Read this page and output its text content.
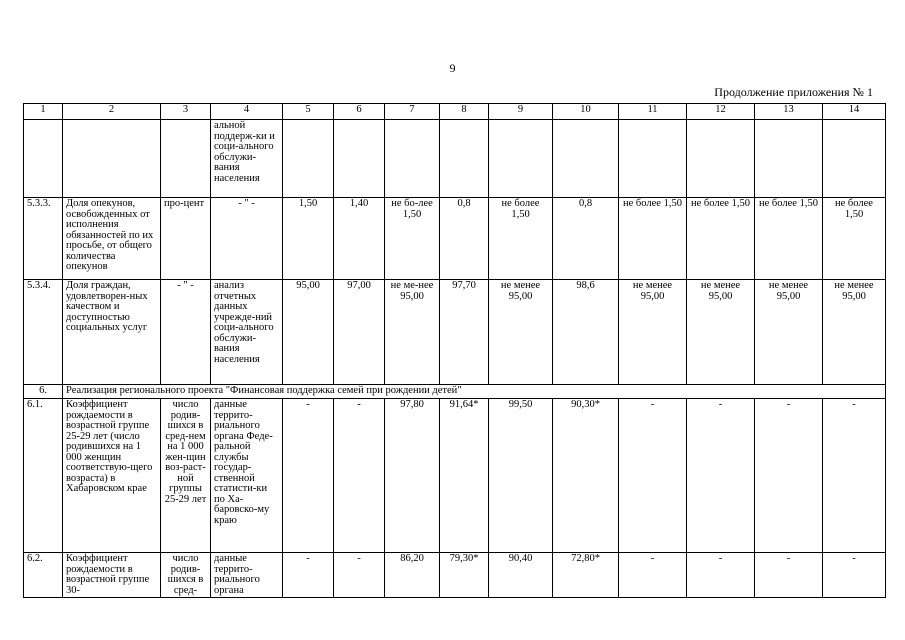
9
Продолжение приложения № 1
1	2	3	4	5	6	7	8	9	10	11	12	13	14
			альной поддерж-ки и соци-ального обслужи-вания населения										
5.3.3.	Доля опекунов, освобожденных от исполнения обязанностей по их просьбе, от общего количества опекунов	про-цент	- " -	1,50	1,40	не бо-лее 1,50	0,8	не более 1,50	0,8	не более 1,50	не более 1,50	не более 1,50	не более 1,50
5.3.4.	Доля граждан, удовлетворен-ных качеством и доступностью социальных услуг	- " -	анализ отчетных данных учрежде-ний соци-ального обслужи-вания населения	95,00	97,00	не ме-нее 95,00	97,70	не менее 95,00	98,6	не менее 95,00	не менее 95,00	не менее 95,00	не менее 95,00
6.	Реализация регионального проекта "Финансовая поддержка семей при рождении детей"												
6.1.	Коэффициент рождаемости в возрастной группе 25-29 лет (число родившихся на 1 000 женщин соответствую-щего возраста) в Хабаровском крае	число родив-шихся в сред-нем на 1 000 жен-щин воз-раст-ной группы 25-29 лет	данные террито-риального органа Феде-ральной службы государ-ственной статисти-ки по Ха-баровско-му краю	-	-	97,80	91,64*	99,50	90,30*	-	-	-	-
6.2.	Коэффициент рождаемости в возрастной группе 30-	число родив-шихся в сред-	данные террито-риального органа	-	-	86,20	79,30*	90,40	72,80*	-	-	-	-
